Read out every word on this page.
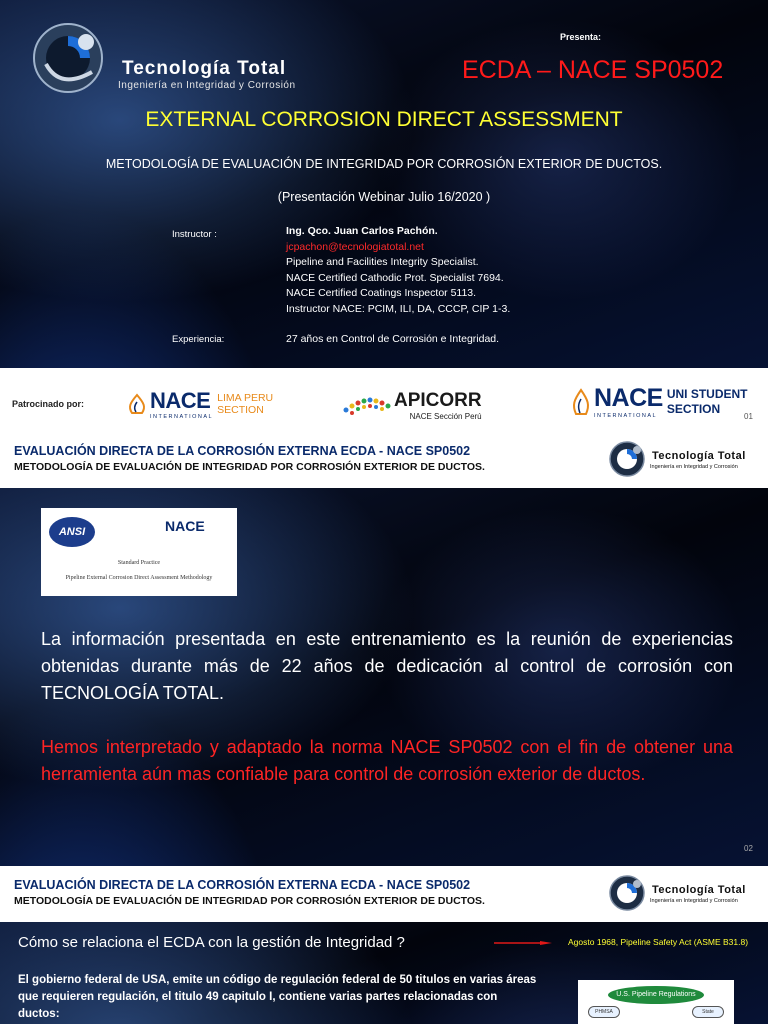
Tecnología Total
Ingeniería en Integridad y Corrosión
Presenta:
ECDA – NACE SP0502
EXTERNAL CORROSION DIRECT ASSESSMENT
METODOLOGÍA DE EVALUACIÓN DE INTEGRIDAD POR CORROSIÓN EXTERIOR DE DUCTOS.
(Presentación Webinar Julio 16/2020 )
Instructor :	Ing. Qco. Juan Carlos Pachón.
jcpachon@tecnologiatotal.net
Pipeline and Facilities Integrity Specialist.
NACE Certified Cathodic Prot. Specialist 7694.
NACE Certified Coatings Inspector 5113.
Instructor NACE: PCIM, ILI, DA, CCCP, CIP 1-3.
Experiencia:	27 años en Control de Corrosión e Integridad.
Patrocinado por:	NACE
INTERNATIONAL
LIMA PERU
SECTION	APICORR
NACE Sección Perú
NACE
INTERNATIONAL
UNI STUDENT
SECTION
01
EVALUACIÓN DIRECTA DE LA CORROSIÓN EXTERNA ECDA - NACE SP0502
METODOLOGÍA DE EVALUACIÓN DE INTEGRIDAD POR CORROSIÓN EXTERIOR DE DUCTOS.
Tecnología Total
Ingeniería en Integridad y Corrosión
ANSI	NACE
Standard Practice
Pipeline External Corrosion Direct Assessment Methodology
La información presentada en este entrenamiento es la reunión de experiencias obtenidas durante más de 22 años de dedicación al control de corrosión con TECNOLOGÍA TOTAL.
Hemos interpretado y adaptado la norma NACE SP0502 con el fin de obtener una herramienta aún mas confiable para control de corrosión exterior de ductos.
02
EVALUACIÓN DIRECTA DE LA CORROSIÓN EXTERNA ECDA - NACE SP0502
METODOLOGÍA DE EVALUACIÓN DE INTEGRIDAD POR CORROSIÓN EXTERIOR DE DUCTOS.
Tecnología Total
Ingeniería en Integridad y Corrosión
Cómo se relaciona el ECDA con la gestión de Integridad ?	Agosto 1968, Pipeline Safety Act (ASME B31.8)
El gobierno federal de USA, emite un código de regulación federal de 50 titulos en varias áreas que requieren regulación, el titulo 49 capitulo I, contiene varias partes relacionadas con ductos:
U.S. Pipeline Regulations
PHMSA	State
